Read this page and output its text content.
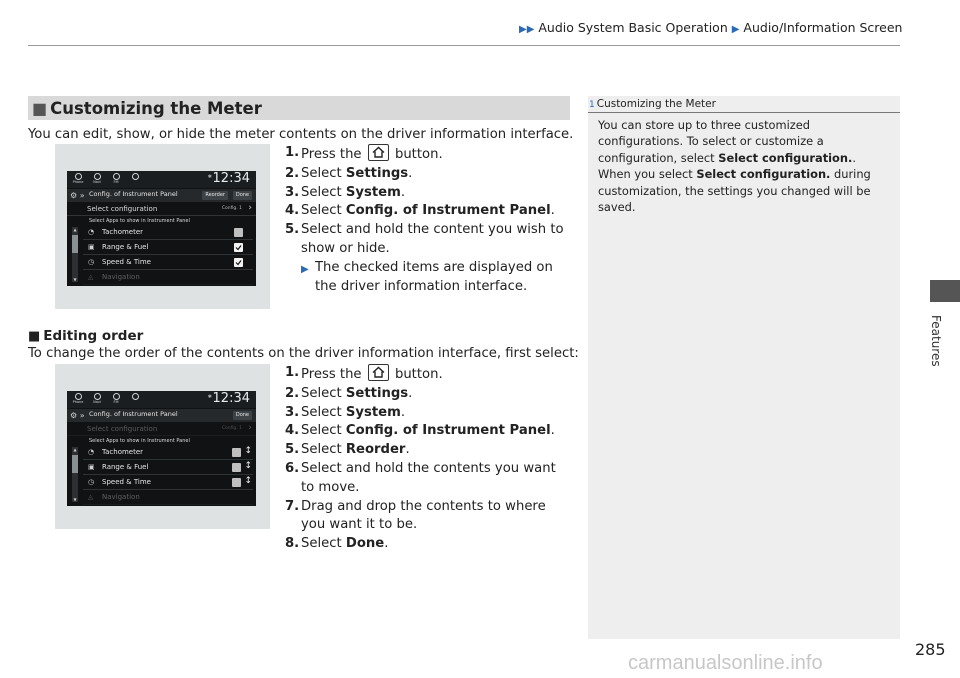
▶▶ Audio System Basic Operation ▶ Audio/Information Screen
Features
■ Customizing the Meter
You can edit, show, or hide the meter contents on the driver information interface.
Phone	Navi	FM
✱ 12:34
⚙ » Config. of Instrument Panel	Reorder	Done
Select configuration	Config. 1 ›
Select Apps to show in Instrument Panel
▲
▼
◔ Tachometer
▣ Range & Fuel
◷ Speed & Time
◬ Navigation
1. Press the	button.
2. Select Settings.
3. Select System.
4. Select Config. of Instrument Panel.
5. Select and hold the content you wish to show or hide.
▶ The checked items are displayed on the driver information interface.
■ Editing order
To change the order of the contents on the driver information interface, first select:
Phone	Navi	FM
✱ 12:34
⚙ » Config. of Instrument Panel	Done
Select configuration	Config. 1 ›
Select Apps to show in Instrument Panel
▲
▼
◔ Tachometer	↕
▣ Range & Fuel	↕
◷ Speed & Time	↕
◬ Navigation
1. Press the	button.
2. Select Settings.
3. Select System.
4. Select Config. of Instrument Panel.
5. Select Reorder.
6. Select and hold the contents you want to move.
7. Drag and drop the contents to where you want it to be.
8. Select Done.
1 Customizing the Meter

You can store up to three customized configurations. To select or customize a configuration, select Select configuration..

When you select Select configuration. during customization, the settings you changed will be saved.

285
carmanualsonline.info
